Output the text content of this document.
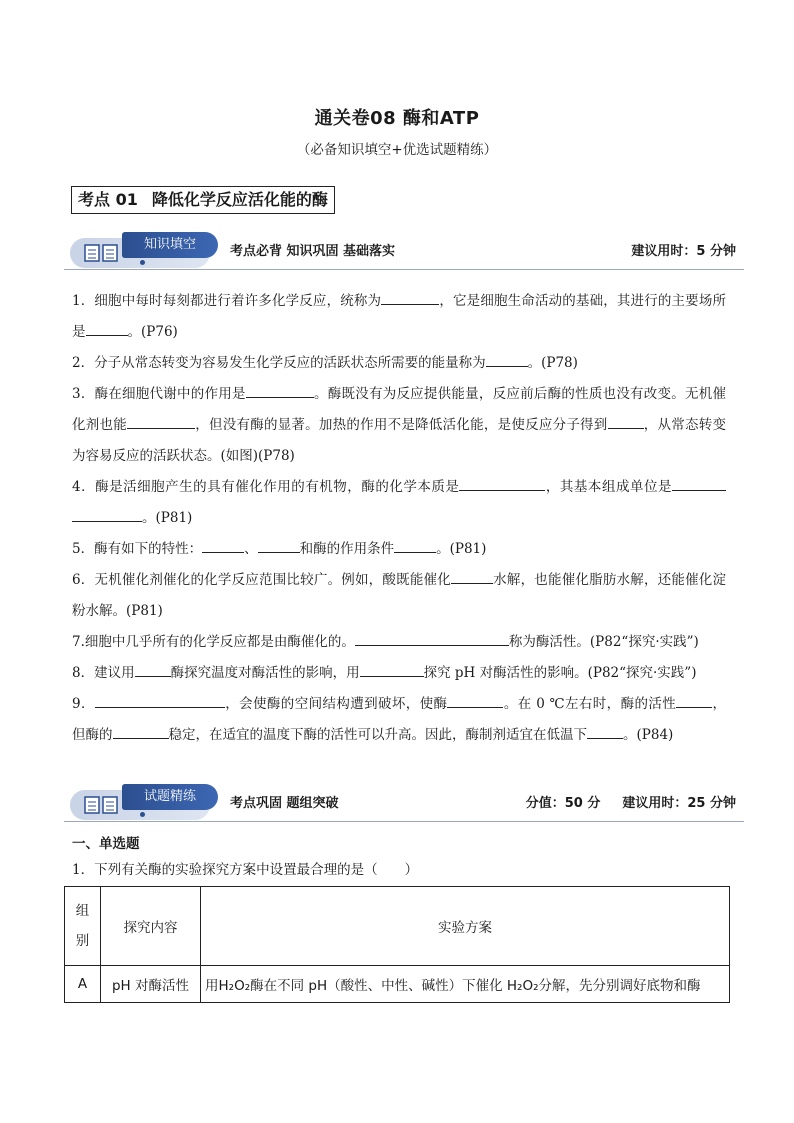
通关卷08 酶和ATP
（必备知识填空+优选试题精练）
考点 01 降低化学反应活化能的酶
知识填空	考点必背 知识巩固 基础落实	建议用时：5 分钟

1．细胞中每时每刻都进行着许多化学反应，统称为	，它是细胞生命活动的基础，其进行的主要场所是	。(P76)

2．分子从常态转变为容易发生化学反应的活跃状态所需要的能量称为	。(P78)

3．酶在细胞代谢中的作用是	。酶既没有为反应提供能量，反应前后酶的性质也没有改变。无机催化剂也能	，但没有酶的显著。加热的作用不是降低活化能，是使反应分子得到	，从常态转变为容易反应的活跃状态。(如图)(P78)

4．酶是活细胞产生的具有催化作用的有机物，酶的化学本质是	，其基本组成单位是 。(P81)

5．酶有如下的特性：	、	和酶的作用条件	。(P81)

6．无机催化剂催化的化学反应范围比较广。例如，酸既能催化	水解，也能催化脂肪水解，还能催化淀粉水解。(P81)

7.细胞中几乎所有的化学反应都是由酶催化的。	称为酶活性。(P82“探究·实践”)

8．建议用	酶探究温度对酶活性的影响，用	探究 pH 对酶活性的影响。(P82“探究·实践”)

9．	，会使酶的空间结构遭到破坏，使酶	。在 0 ℃左右时，酶的活性	，但酶的	稳定，在适宜的温度下酶的活性可以升高。因此，酶制剂适宜在低温下	。(P84)

试题精练	考点巩固 题组突破	分值：50 分 建议用时：25 分钟
一、单选题
1．下列有关酶的实验探究方案中设置最合理的是（　　）
组
别	探究内容	实验方案
A	pH 对酶活性	用H₂O₂酶在不同 pH（酸性、中性、碱性）下催化 H₂O₂分解，先分别调好底物和酶
